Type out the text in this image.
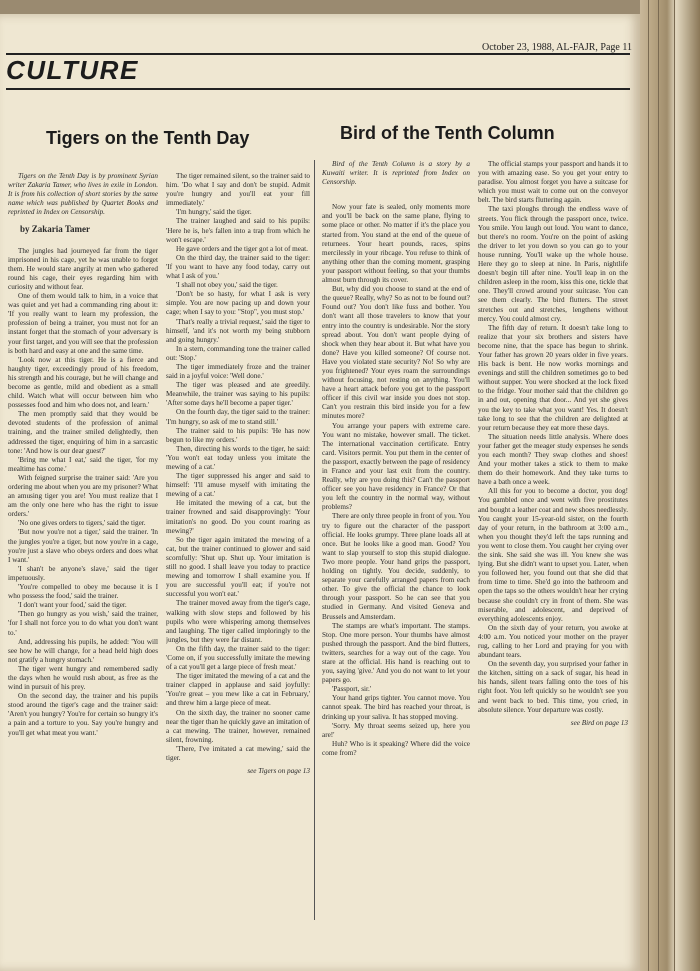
October 23, 1988, AL-FAJR, Page 11
CULTURE
Tigers on the Tenth Day	Bird of the Tenth Column

Tigers on the Tenth Day is by prominent Syrian writer Zakaria Tamer, who lives in exile in London. It is from his collection of short stories by the same name which was published by Quartet Books and reprinted in Index on Censorship.

by Zakaria Tamer

The jungles had journeyed far from the tiger imprisoned in his cage, yet he was unable to forget them. He would stare angrily at men who gathered round his cage, their eyes regarding him with curiosity and without fear.

One of them would talk to him, in a voice that was quiet and yet had a commanding ring about it: 'If you really want to learn my profession, the profession of being a trainer, you must not for an instant forget that the stomach of your adversary is your first target, and you will see that the profession is both hard and easy at one and the same time.

'Look now at this tiger. He is a fierce and haughty tiger, exceedingly proud of his freedom, his strength and his courage, but he will change and become as gentle, mild and obedient as a small child. Watch what will occur between him who possesses food and him who does not, and learn.'

The men promptly said that they would be devoted students of the profession of animal training, and the trainer smiled delightedly, then addressed the tiger, enquiring of him in a sarcastic tone: 'And how is our dear guest?'

'Bring me what I eat,' said the tiger, 'for my mealtime has come.'

With feigned surprise the trainer said: 'Are you ordering me about when you are my prisoner? What an amusing tiger you are! You must realize that I am the only one here who has the right to issue orders.'

'No one gives orders to tigers,' said the tiger.

'But now you're not a tiger,' said the trainer. 'In the jungles you're a tiger, but now you're in a cage, you're just a slave who obeys orders and does what I want.'

'I shan't be anyone's slave,' said the tiger impetuously.

'You're compelled to obey me because it is I who possess the food,' said the trainer.

'I don't want your food,' said the tiger.

'Then go hungry as you wish,' said the trainer, 'for I shall not force you to do what you don't want to.'

And, addressing his pupils, he added: 'You will see how he will change, for a head held high does not gratify a hungry stomach.'

The tiger went hungry and remembered sadly the days when he would rush about, as free as the wind in pursuit of his prey.

On the second day, the trainer and his pupils stood around the tiger's cage and the trainer said: 'Aren't you hungry? You're for certain so hungry it's a pain and a torture to you. Say you're hungry and you'll get what meat you want.'

The tiger remained silent, so the trainer said to him. 'Do what I say and don't be stupid. Admit you're hungry and you'll eat your fill immediately.'

'I'm hungry,' said the tiger.

The trainer laughed and said to his pupils: 'Here he is, he's fallen into a trap from which he won't escape.'

He gave orders and the tiger got a lot of meat.

On the third day, the trainer said to the tiger: 'If you want to have any food today, carry out what I ask of you.'

'I shall not obey you,' said the tiger.

'Don't be so hasty, for what I ask is very simple. You are now pacing up and down your cage; when I say to you: "Stop", you must stop.'

'That's really a trivial request,' said the tiger to himself, 'and it's not worth my being stubborn and going hungry.'

In a stern, commanding tone the trainer called out: 'Stop.'

The tiger immediately froze and the trainer said in a joyful voice: 'Well done.'

The tiger was pleased and ate greedily. Meanwhile, the trainer was saying to his pupils: 'After some days he'll become a paper tiger.'

On the fourth day, the tiger said to the trainer: 'I'm hungry, so ask of me to stand still.'

The trainer said to his pupils: 'He has now begun to like my orders.'

Then, directing his words to the tiger, he said: 'You won't eat today unless you imitate the mewing of a cat.'

The tiger suppressed his anger and said to himself: 'I'll amuse myself with imitating the mewing of a cat.'

He imitated the mewing of a cat, but the trainer frowned and said disapprovingly: 'Your imitation's no good. Do you count roaring as mewing?'

So the tiger again imitated the mewing of a cat, but the trainer continued to glower and said scornfully: 'Shut up. Shut up. Your imitation is still no good. I shall leave you today to practice mewing and tomorrow I shall examine you. If you are successful you'll eat; if you're not successful you won't eat.'

The trainer moved away from the tiger's cage, walking with slow steps and followed by his pupils who were whispering among themselves and laughing. The tiger called imploringly to the jungles, but they were far distant.

On the fifth day, the trainer said to the tiger: 'Come on, if you successfully imitate the mewing of a cat you'll get a large piece of fresh meat.'

The tiger imitated the mewing of a cat and the trainer clapped in applause and said joyfully: 'You're great – you mew like a cat in February,' and threw him a large piece of meat.

On the sixth day, the trainer no sooner came near the tiger than he quickly gave an imitation of a cat mewing. The trainer, however, remained silent, frowning.

'There, I've imitated a cat mewing,' said the tiger.

see Tigers on page 13

Bird of the Tenth Column is a story by a Kuwaiti writer. It is reprinted from Index on Censorship.

Now your fate is sealed, only moments more and you'll be back on the same plane, flying to some place or other. No matter if it's the place you started from. You stand at the end of the queue of returnees. Your heart pounds, races, spins mercilessly in your ribcage. You refuse to think of anything other than the coming moment, grasping your passport without feeling, so that your thumbs almost burn through its cover.

But, why did you choose to stand at the end of the queue? Really, why? So as not to be found out? Found out? You don't like fuss and bother. You don't want all those travelers to know that your entry into the country is undesirable. Nor the story spread about. You don't want people dying of shock when they hear about it. But what have you done? Have you killed someone? Of course not. Have you violated state security? No! So why are you frightened? Your eyes roam the surroundings without focusing, not resting on anything. You'll have a heart attack before you get to the passport officer if this civil war inside you does not stop. Can't you restrain this bird inside you for a few minutes more?

You arrange your papers with extreme care. You want no mistake, however small. The ticket. The international vaccination certificate. Entry card. Visitors permit. You put them in the center of the passport, exactly between the page of residency in France and your last exit from the country. Really, why are you doing this? Can't the passport officer see you have residency in France? Or that you left the country in the normal way, without problems?

There are only three people in front of you. You try to figure out the character of the passport official. He looks grumpy. Three plane loads all at once. But he looks like a good man. Good? You want to slap yourself to stop this stupid dialogue. Two more people. Your hand grips the passport, holding on tightly. You decide, suddenly, to separate your carefully arranged papers from each other. To give the official the chance to look through your passport. So he can see that you studied in Germany. And visited Geneva and Brussels and Amsterdam.

The stamps are what's important. The stamps. Stop. One more person. Your thumbs have almost pushed through the passport. And the bird flutters, twitters, searches for a way out of the cage. You stare at the official. His hand is reaching out to you, saying 'give.' And you do not want to let your papers go.

'Passport, sir.'

Your hand grips tighter. You cannot move. You cannot speak. The bird has reached your throat, is drinking up your saliva. It has stopped moving.

'Sorry. My throat seems seized up, here you are!'

Huh? Who is it speaking? Where did the voice come from?

The official stamps your passport and hands it to you with amazing ease. So you get your entry to paradise. You almost forget you have a suitcase for which you must wait to come out on the conveyor belt. The bird starts fluttering again.

The taxi ploughs through the endless wave of streets. You flick through the passport once, twice. You smile. You laugh out loud. You want to dance, but there's no room. You're on the point of asking the driver to let you down so you can go to your house running. You'll wake up the whole house. Here they go to sleep at nine. In Paris, nightlife doesn't begin till after nine. You'll leap in on the children asleep in the room, kiss this one, tickle that one. They'll crowd around your suitcase. You can see them clearly. The bird flutters. The street stretches out and stretches, lengthens without mercy. You could almost cry.

The fifth day of return. It doesn't take long to realize that your six brothers and sisters have become nine, that the space has begun to shrink. Your father has grown 20 years older in five years. His back is bent. He now works mornings and evenings and still the children sometimes go to bed without supper. You were shocked at the lock fixed to the fridge. Your mother said that the children go in and out, opening that door... And yet she gives you the key to take what you want! Yes. It doesn't take long to see that the children are delighted at your return because they eat more these days.

The situation needs little analysis. Where does your father get the meager study expenses he sends you each month? They swap clothes and shoes! And your mother takes a stick to them to make them do their homework. And they take turns to have a bath once a week.

All this for you to become a doctor, you dog! You gambled once and went with five prostitutes and bought a leather coat and new shoes needlessly. You caught your 15-year-old sister, on the fourth day of your return, in the bathroom at 3:00 a.m., when you thought they'd left the taps running and you went to close them. You caught her crying over the sink. She said she was ill. You knew she was lying. But she didn't want to upset you. Later, when you followed her, you found out that she did that from time to time. She'd go into the bathroom and open the taps so the others wouldn't hear her crying because she couldn't cry in front of them. She was miserable, and adolescent, and deprived of everything adolescents enjoy.

On the sixth day of your return, you awoke at 4:00 a.m. You noticed your mother on the prayer rug, calling to her Lord and praying for you with abundant tears.

On the seventh day, you surprised your father in the kitchen, sitting on a sack of sugar, his head in his hands, silent tears falling onto the toes of his right foot. You left quickly so he wouldn't see you and went back to bed. This time, you cried, in absolute silence. Your departure was costly.

see Bird on page 13
